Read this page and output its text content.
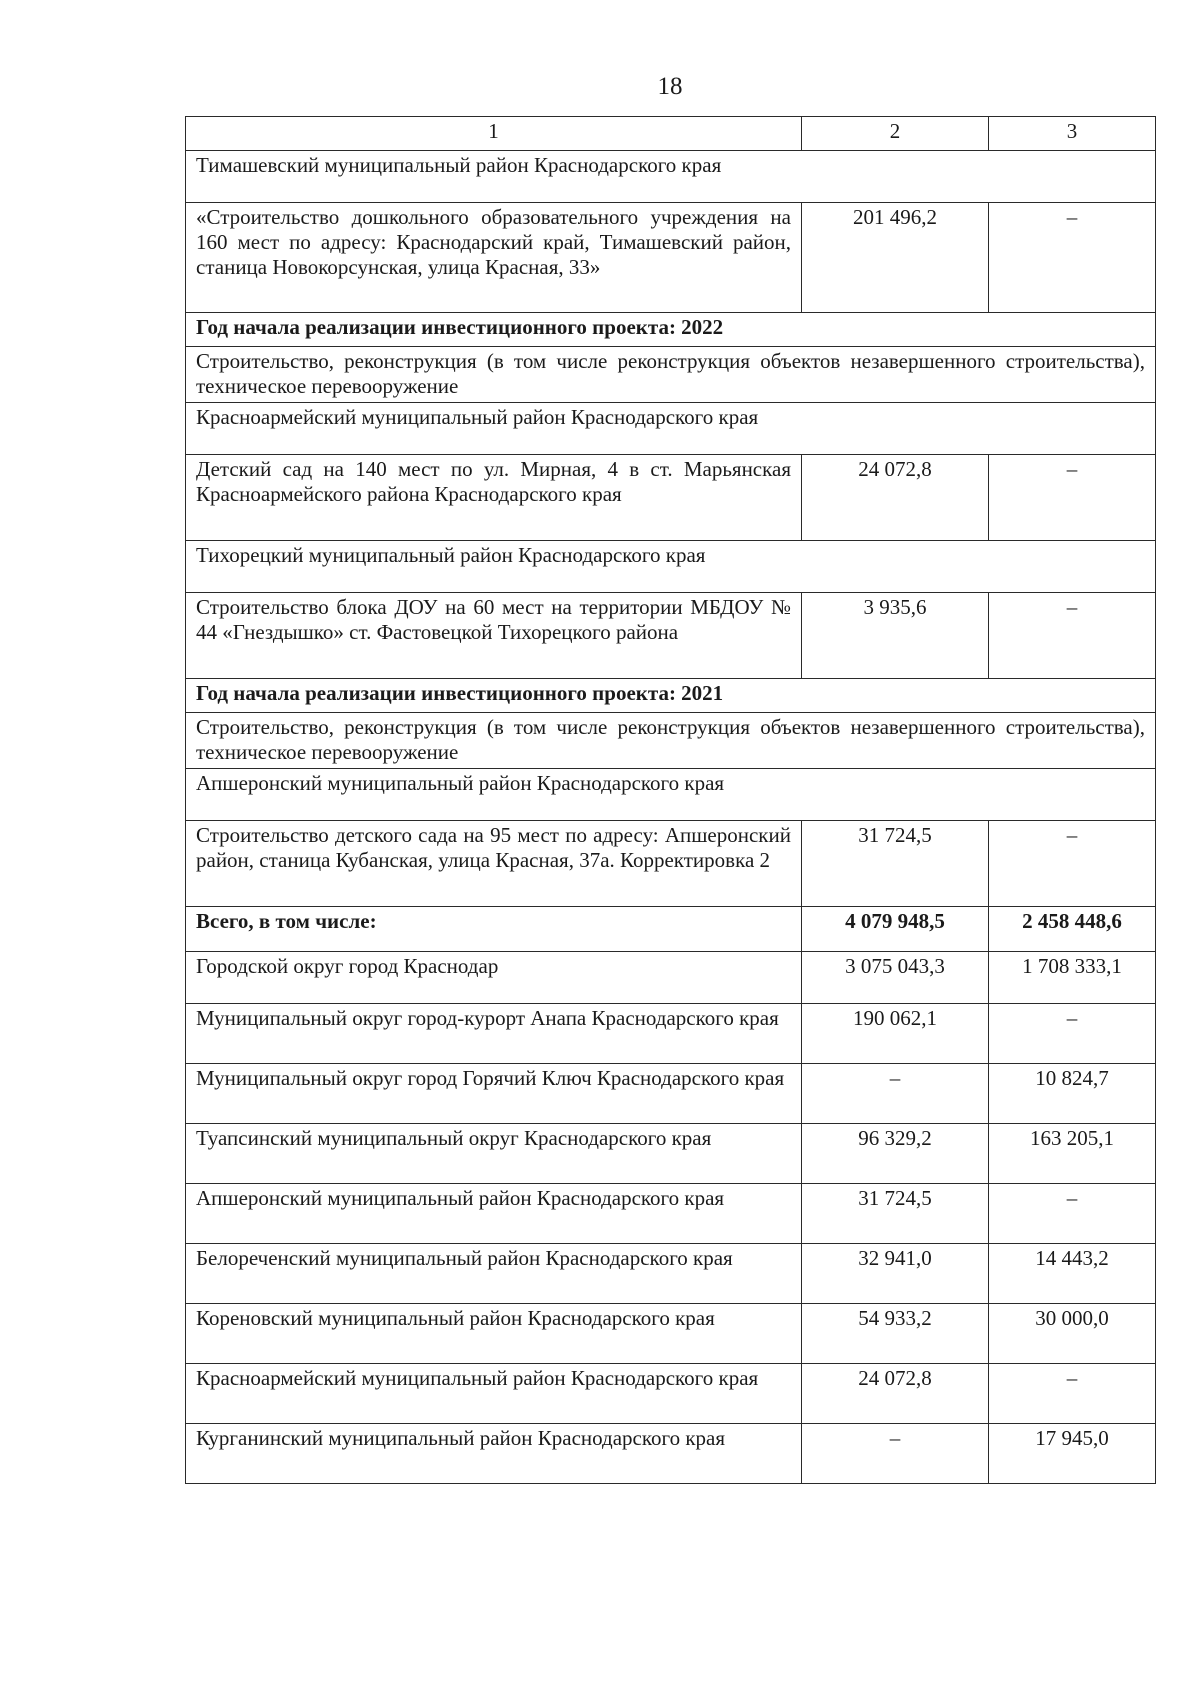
18
1	2	3
Тимашевский муниципальный район Краснодарского края		
«Строительство дошкольного образовательного учреждения на 160 мест по адресу: Краснодарский край, Тимашевский район, станица Новокорсунская, улица Красная, 33»	201 496,2	–
Год начала реализации инвестиционного проекта: 2022		
Строительство, реконструкция (в том числе реконструкция объектов незавершенного строительства), техническое перевооружение		
Красноармейский муниципальный район Краснодарского края		
Детский сад на 140 мест по ул. Мирная, 4 в ст. Марьянская Красноармейского района Краснодарского края	24 072,8	–
Тихорецкий муниципальный район Краснодарского края		
Строительство блока ДОУ на 60 мест на территории МБДОУ № 44 «Гнездышко» ст. Фастовецкой Тихорецкого района	3 935,6	–
Год начала реализации инвестиционного проекта: 2021		
Строительство, реконструкция (в том числе реконструкция объектов незавершенного строительства), техническое перевооружение		
Апшеронский муниципальный район Краснодарского края		
Строительство детского сада на 95 мест по адресу: Апшеронский район, станица Кубанская, улица Красная, 37а. Корректировка 2	31 724,5	–
Всего, в том числе:	4 079 948,5	2 458 448,6
Городской округ город Краснодар	3 075 043,3	1 708 333,1
Муниципальный округ город-курорт Анапа Краснодарского края	190 062,1	–
Муниципальный округ город Горячий Ключ Краснодарского края	–	10 824,7
Туапсинский муниципальный округ Краснодарского края	96 329,2	163 205,1
Апшеронский муниципальный район Краснодарского края	31 724,5	–
Белореченский муниципальный район Краснодарского края	32 941,0	14 443,2
Кореновский муниципальный район Краснодарского края	54 933,2	30 000,0
Красноармейский муниципальный район Краснодарского края	24 072,8	–
Курганинский муниципальный район Краснодарского края	–	17 945,0
